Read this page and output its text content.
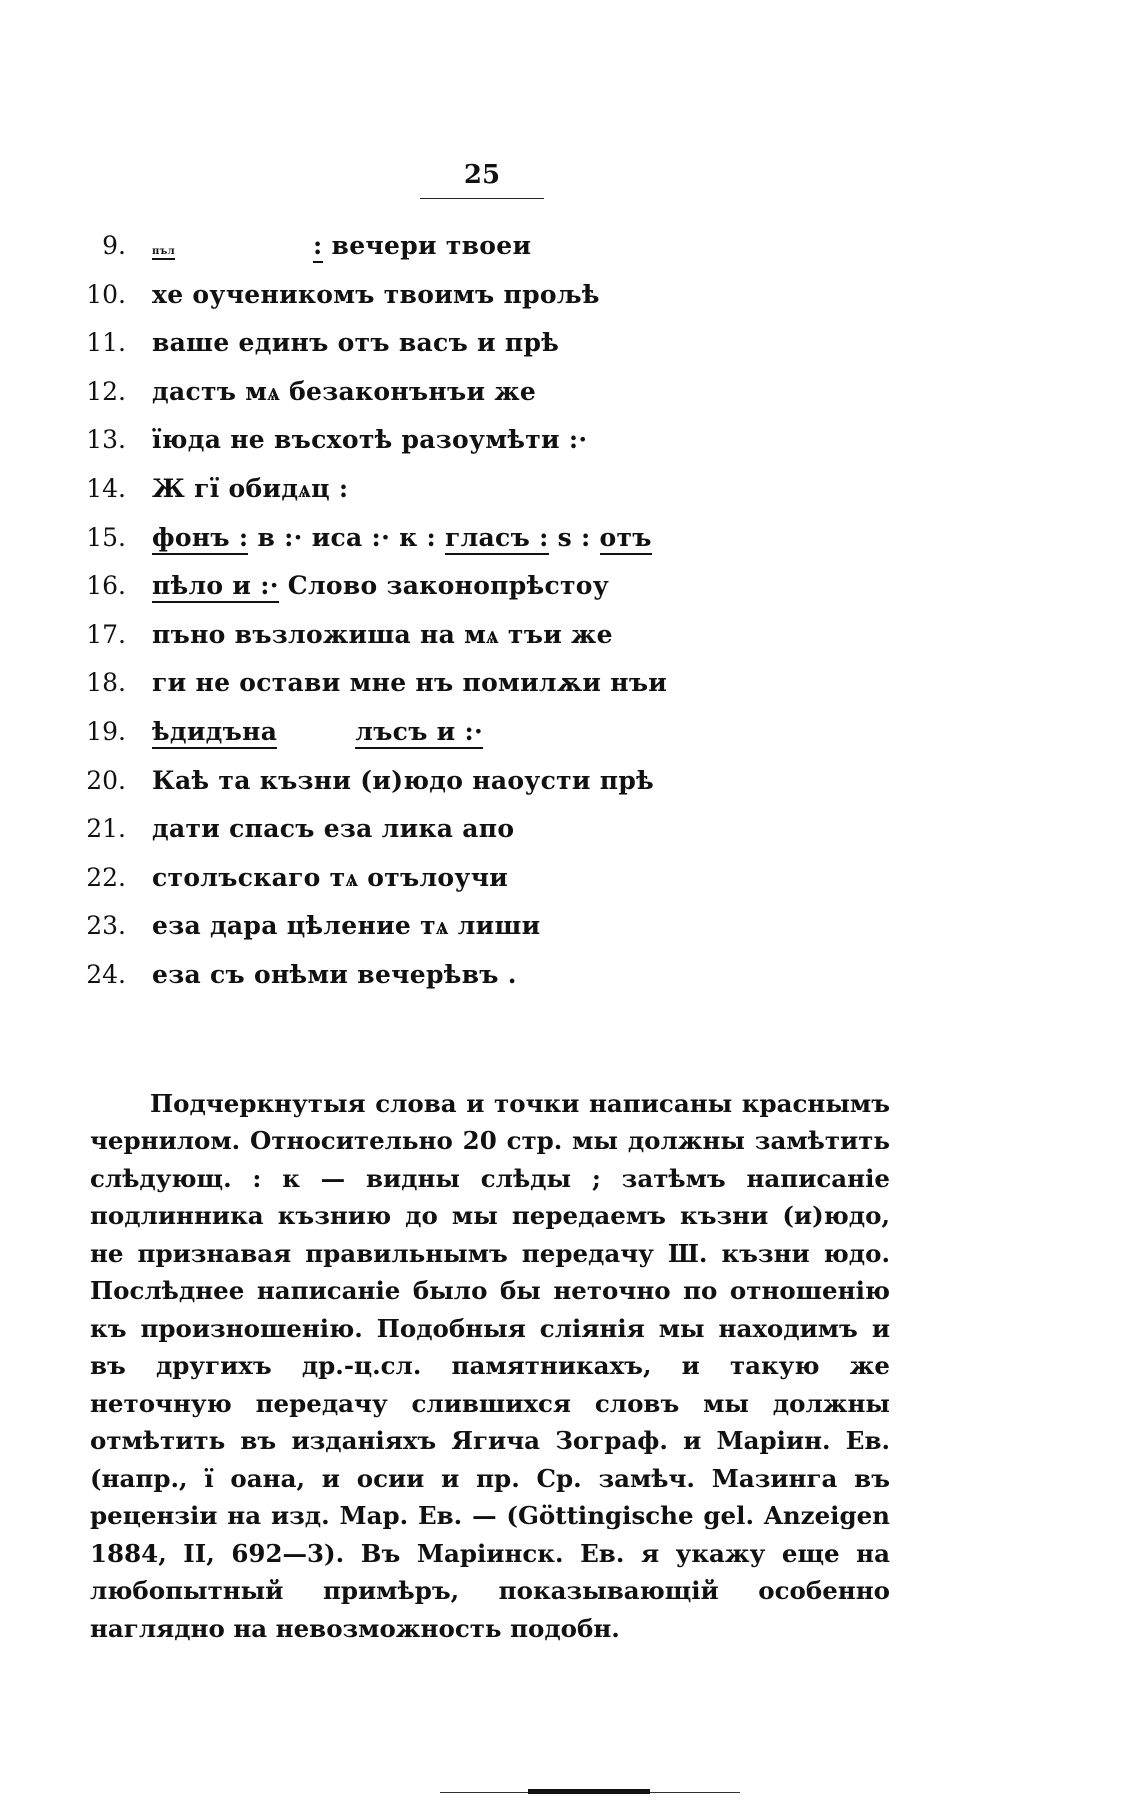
25
9.	пъл	: вечери твоеи
10. хе оученикомъ твоимъ прољѣ
11. ваше единъ отъ васъ и прѣ
12. дастъ мѧ безаконънъи же
13. їюда не въсхотѣ разоумѣти :·
14. Ж гї обидѧц :
15. фонъ : в :· иса :· к : гласъ : ѕ : отъ
16. пѣло и :· Слово законопрѣстоу
17. пъно възложиша на мѧ тъи же
18. ги не остави мне нъ помилѫи нъи
19. ѣдидъна	лъсъ и :·
20. Каѣ та къзни (и)юдо наоусти прѣ
21. дати спасъ еза лика апо
22. столъскаго тѧ отълоучи
23. еза дара цѣление тѧ лиши
24. еза съ онѣми вечерѣвъ .

Подчеркнутыя слова и точки написаны краснымъ чернилом. Относительно 20 стр. мы должны замѣтить слѣдующ. : к — видны слѣды ; затѣмъ написаніе подлинника къзнию до мы передаемъ къзни (и)юдо, не признавая правильнымъ передачу Ш. къзни юдо. Послѣднее написаніе было бы неточно по отношенію къ произношенію. Подобныя сліянія мы находимъ и въ другихъ др.-ц.сл. памятникахъ, и такую же неточную передачу слившихся словъ мы должны отмѣтить въ изданіяхъ Ягича Зограф. и Маріин. Ев. (напр., ї оана, и осии и пр. Ср. замѣч. Мазинга въ рецензіи на изд. Мар. Ев. — (Göttingische gel. Anzeigen 1884, II, 692—3). Въ Маріинск. Ев. я укажу еще на любопытный примѣръ, показывающій особенно наглядно на невозможность подобн.
